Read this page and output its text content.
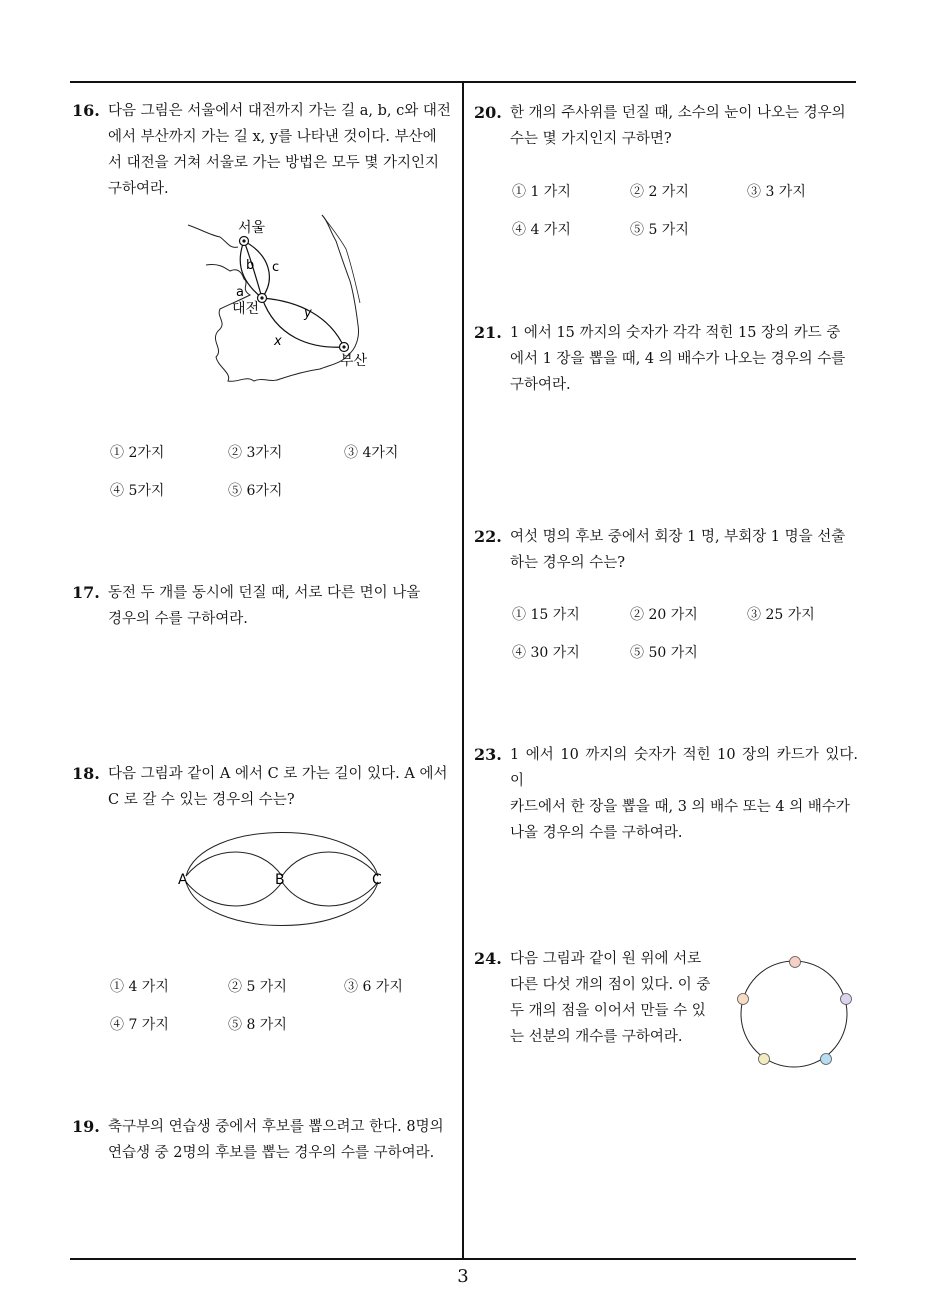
3
16. 다음 그림은 서울에서 대전까지 가는 길 a, b, c와 대전
에서 부산까지 가는 길 x, y를 나타낸 것이다. 부산에
서 대전을 거쳐 서울로 가는 방법은 모두 몇 가지인지
구하여라.
서울
대전
부산
a
b c
x
y
① 2가지	② 3가지	③ 4가지
④ 5가지	⑤ 6가지
17. 동전 두 개를 동시에 던질 때, 서로 다른 면이 나올
경우의 수를 구하여라.
18. 다음 그림과 같이 A 에서 C 로 가는 길이 있다. A 에서
C 로 갈 수 있는 경우의 수는?
A	B	C
① 4 가지	② 5 가지	③ 6 가지
④ 7 가지	⑤ 8 가지
19. 축구부의 연습생 중에서 후보를 뽑으려고 한다. 8명의
연습생 중 2명의 후보를 뽑는 경우의 수를 구하여라.
20. 한 개의 주사위를 던질 때, 소수의 눈이 나오는 경우의
수는 몇 가지인지 구하면?
① 1 가지	② 2 가지	③ 3 가지
④ 4 가지	⑤ 5 가지
21. 1 에서 15 까지의 숫자가 각각 적힌 15 장의 카드 중
에서 1 장을 뽑을 때, 4 의 배수가 나오는 경우의 수를
구하여라.
22. 여섯 명의 후보 중에서 회장 1 명, 부회장 1 명을 선출
하는 경우의 수는?
① 15 가지	② 20 가지	③ 25 가지
④ 30 가지	⑤ 50 가지
23. 1 에서 10 까지의 숫자가 적힌 10 장의 카드가 있다. 이
카드에서 한 장을 뽑을 때, 3 의 배수 또는 4 의 배수가
나올 경우의 수를 구하여라.
24. 다음 그림과 같이 원 위에 서로
다른 다섯 개의 점이 있다. 이 중
두 개의 점을 이어서 만들 수 있
는 선분의 개수를 구하여라.
